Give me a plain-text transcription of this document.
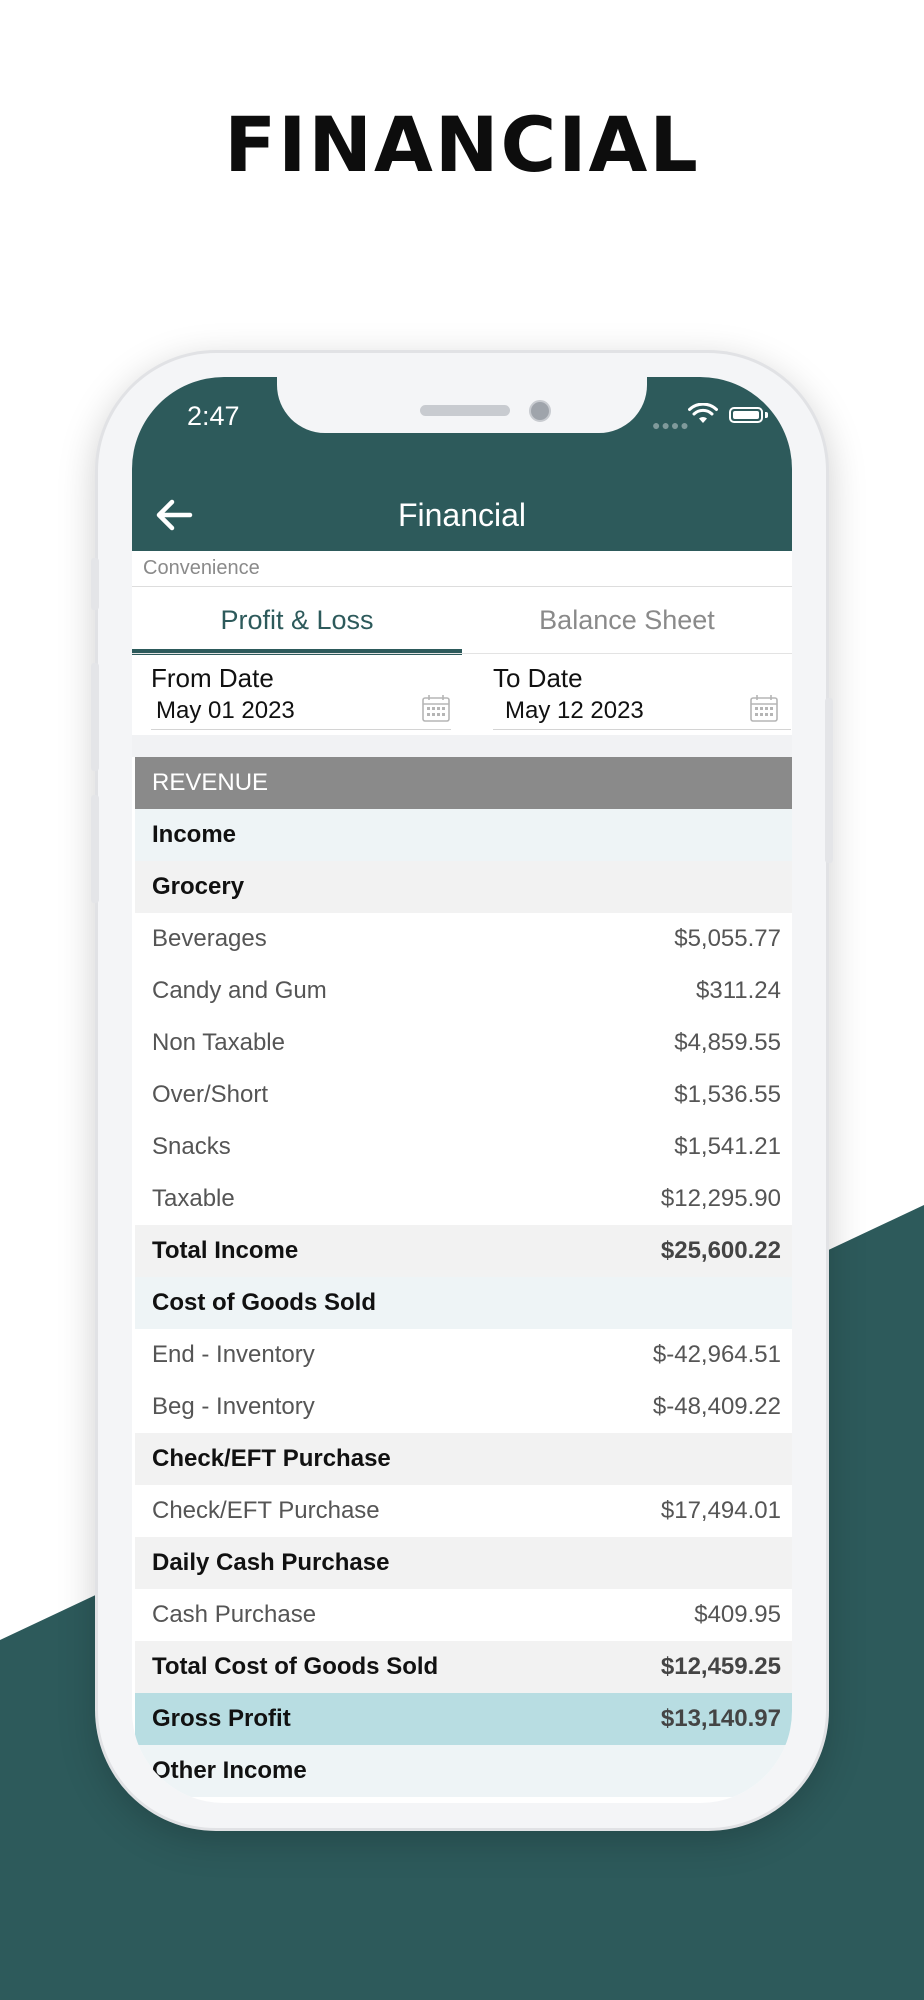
FINANCIAL
2:47	●●●●
Financial
Convenience
Profit & Loss	Balance Sheet
From Date
May 01 2023
To Date
May 12 2023
REVENUE
Income
Grocery
Beverages	$5,055.77
Candy and Gum	$311.24
Non Taxable	$4,859.55
Over/Short	$1,536.55
Snacks	$1,541.21
Taxable	$12,295.90
Total Income	$25,600.22
Cost of Goods Sold
End - Inventory	$-42,964.51
Beg - Inventory	$-48,409.22
Check/EFT Purchase
Check/EFT Purchase	$17,494.01
Daily Cash Purchase
Cash Purchase	$409.95
Total Cost of Goods Sold	$12,459.25
Gross Profit	$13,140.97
Other Income
